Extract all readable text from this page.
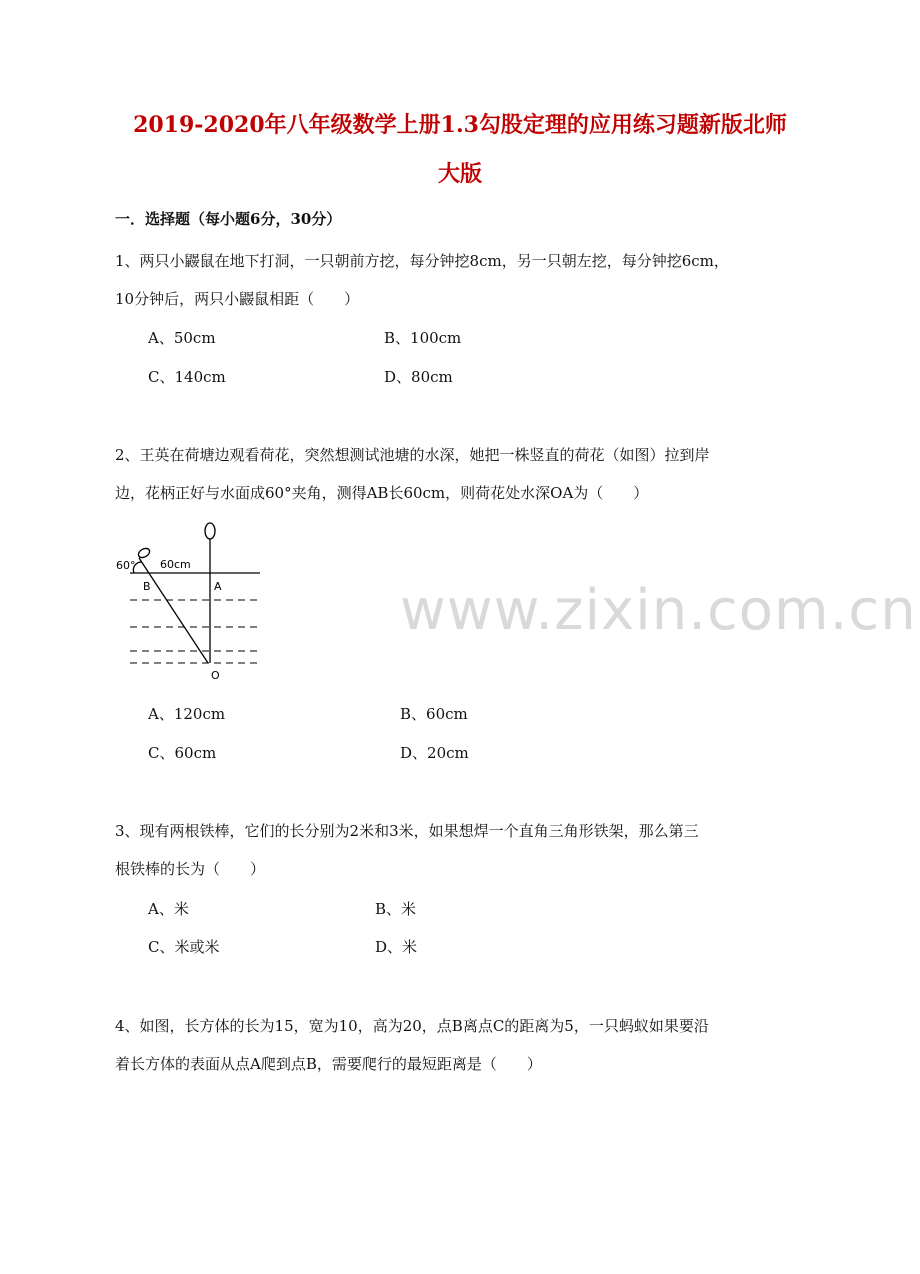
2019-2020年八年级数学上册1.3勾股定理的应用练习题新版北师
大版
一．选择题（每小题6分，30分）
1、两只小鼹鼠在地下打洞，一只朝前方挖，每分钟挖8cm，另一只朝左挖，每分钟挖6cm，
10分钟后，两只小鼹鼠相距（　　）
A、50cm	B、100cm
C、140cm	D、80cm
2、王英在荷塘边观看荷花，突然想测试池塘的水深，她把一株竖直的荷花（如图）拉到岸
边，花柄正好与水面成60°夹角，测得AB长60cm，则荷花处水深OA为（　　）
60° 60cm
B	A
O
www.zixin.com.cn
A、120cm	B、60cm
C、60cm	D、20cm
3、现有两根铁棒，它们的长分别为2米和3米，如果想焊一个直角三角形铁架，那么第三
根铁棒的长为（　　）
A、米	B、米
C、米或米	D、米
4、如图，长方体的长为15，宽为10，高为20，点B离点C的距离为5，一只蚂蚁如果要沿
着长方体的表面从点A爬到点B，需要爬行的最短距离是（　　）
